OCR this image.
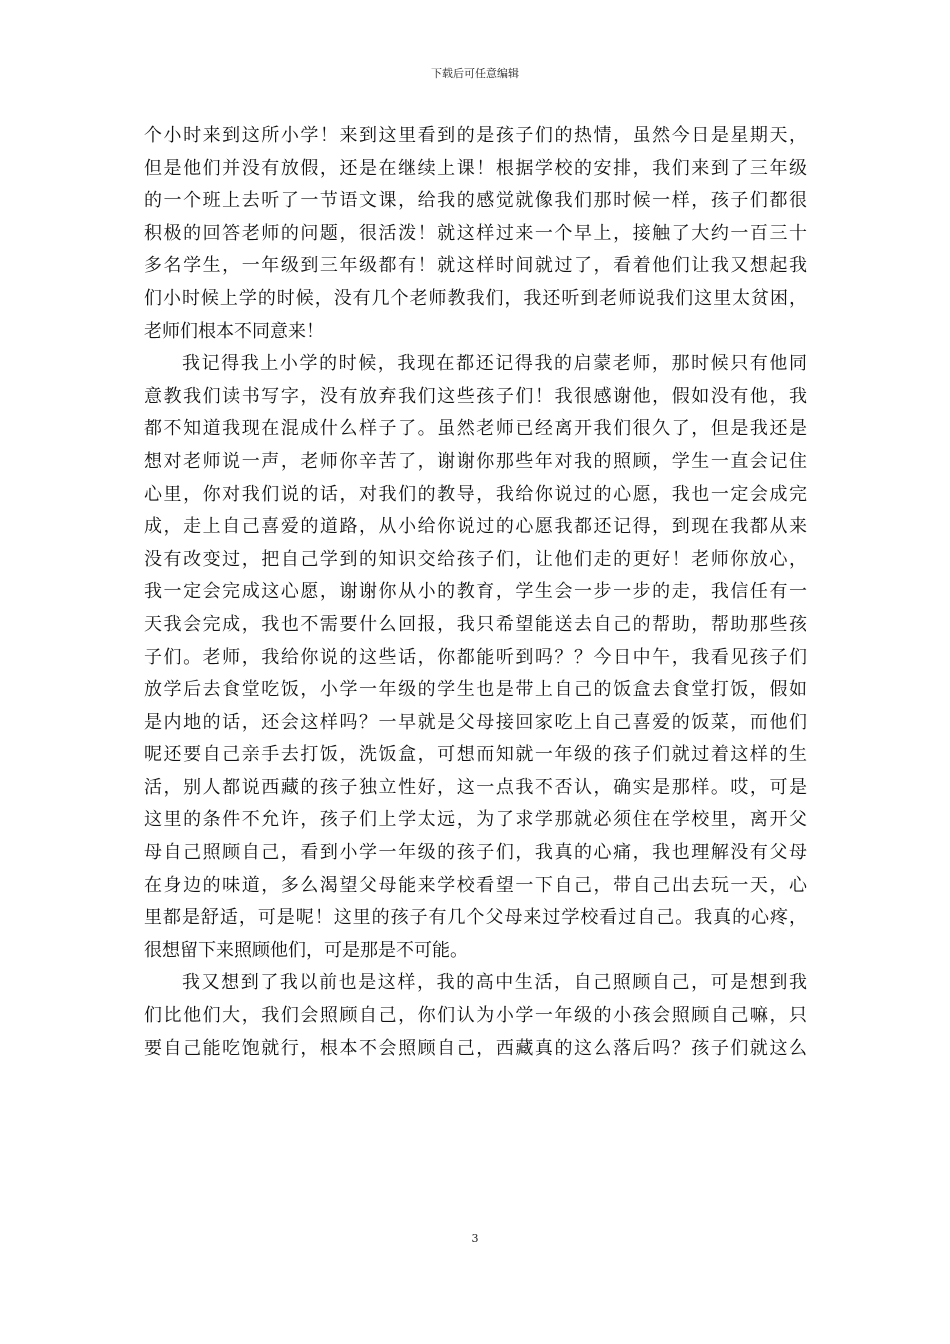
下载后可任意编辑
个小时来到这所小学！来到这里看到的是孩子们的热情，虽然今日是星期天，
但是他们并没有放假，还是在继续上课！根据学校的安排，我们来到了三年级
的一个班上去听了一节语文课，给我的感觉就像我们那时候一样，孩子们都很
积极的回答老师的问题，很活泼！就这样过来一个早上，接触了大约一百三十
多名学生，一年级到三年级都有！就这样时间就过了，看着他们让我又想起我
们小时候上学的时候，没有几个老师教我们，我还听到老师说我们这里太贫困，
老师们根本不同意来！
我记得我上小学的时候，我现在都还记得我的启蒙老师，那时候只有他同
意教我们读书写字，没有放弃我们这些孩子们！我很感谢他，假如没有他，我
都不知道我现在混成什么样子了。虽然老师已经离开我们很久了，但是我还是
想对老师说一声，老师你辛苦了，谢谢你那些年对我的照顾，学生一直会记住
心里，你对我们说的话，对我们的教导，我给你说过的心愿，我也一定会成完
成，走上自己喜爱的道路，从小给你说过的心愿我都还记得，到现在我都从来
没有改变过，把自己学到的知识交给孩子们，让他们走的更好！老师你放心，
我一定会完成这心愿，谢谢你从小的教育，学生会一步一步的走，我信任有一
天我会完成，我也不需要什么回报，我只希望能送去自己的帮助，帮助那些孩
子们。老师，我给你说的这些话，你都能听到吗？？今日中午，我看见孩子们
放学后去食堂吃饭，小学一年级的学生也是带上自己的饭盒去食堂打饭，假如
是内地的话，还会这样吗？一早就是父母接回家吃上自己喜爱的饭菜，而他们
呢还要自己亲手去打饭，洗饭盒，可想而知就一年级的孩子们就过着这样的生
活，别人都说西藏的孩子独立性好，这一点我不否认，确实是那样。哎，可是
这里的条件不允许，孩子们上学太远，为了求学那就必须住在学校里，离开父
母自己照顾自己，看到小学一年级的孩子们，我真的心痛，我也理解没有父母
在身边的味道，多么渴望父母能来学校看望一下自己，带自己出去玩一天，心
里都是舒适，可是呢！这里的孩子有几个父母来过学校看过自己。我真的心疼，
很想留下来照顾他们，可是那是不可能。
我又想到了我以前也是这样，我的高中生活，自己照顾自己，可是想到我
们比他们大，我们会照顾自己，你们认为小学一年级的小孩会照顾自己嘛，只
要自己能吃饱就行，根本不会照顾自己，西藏真的这么落后吗？孩子们就这么
3
